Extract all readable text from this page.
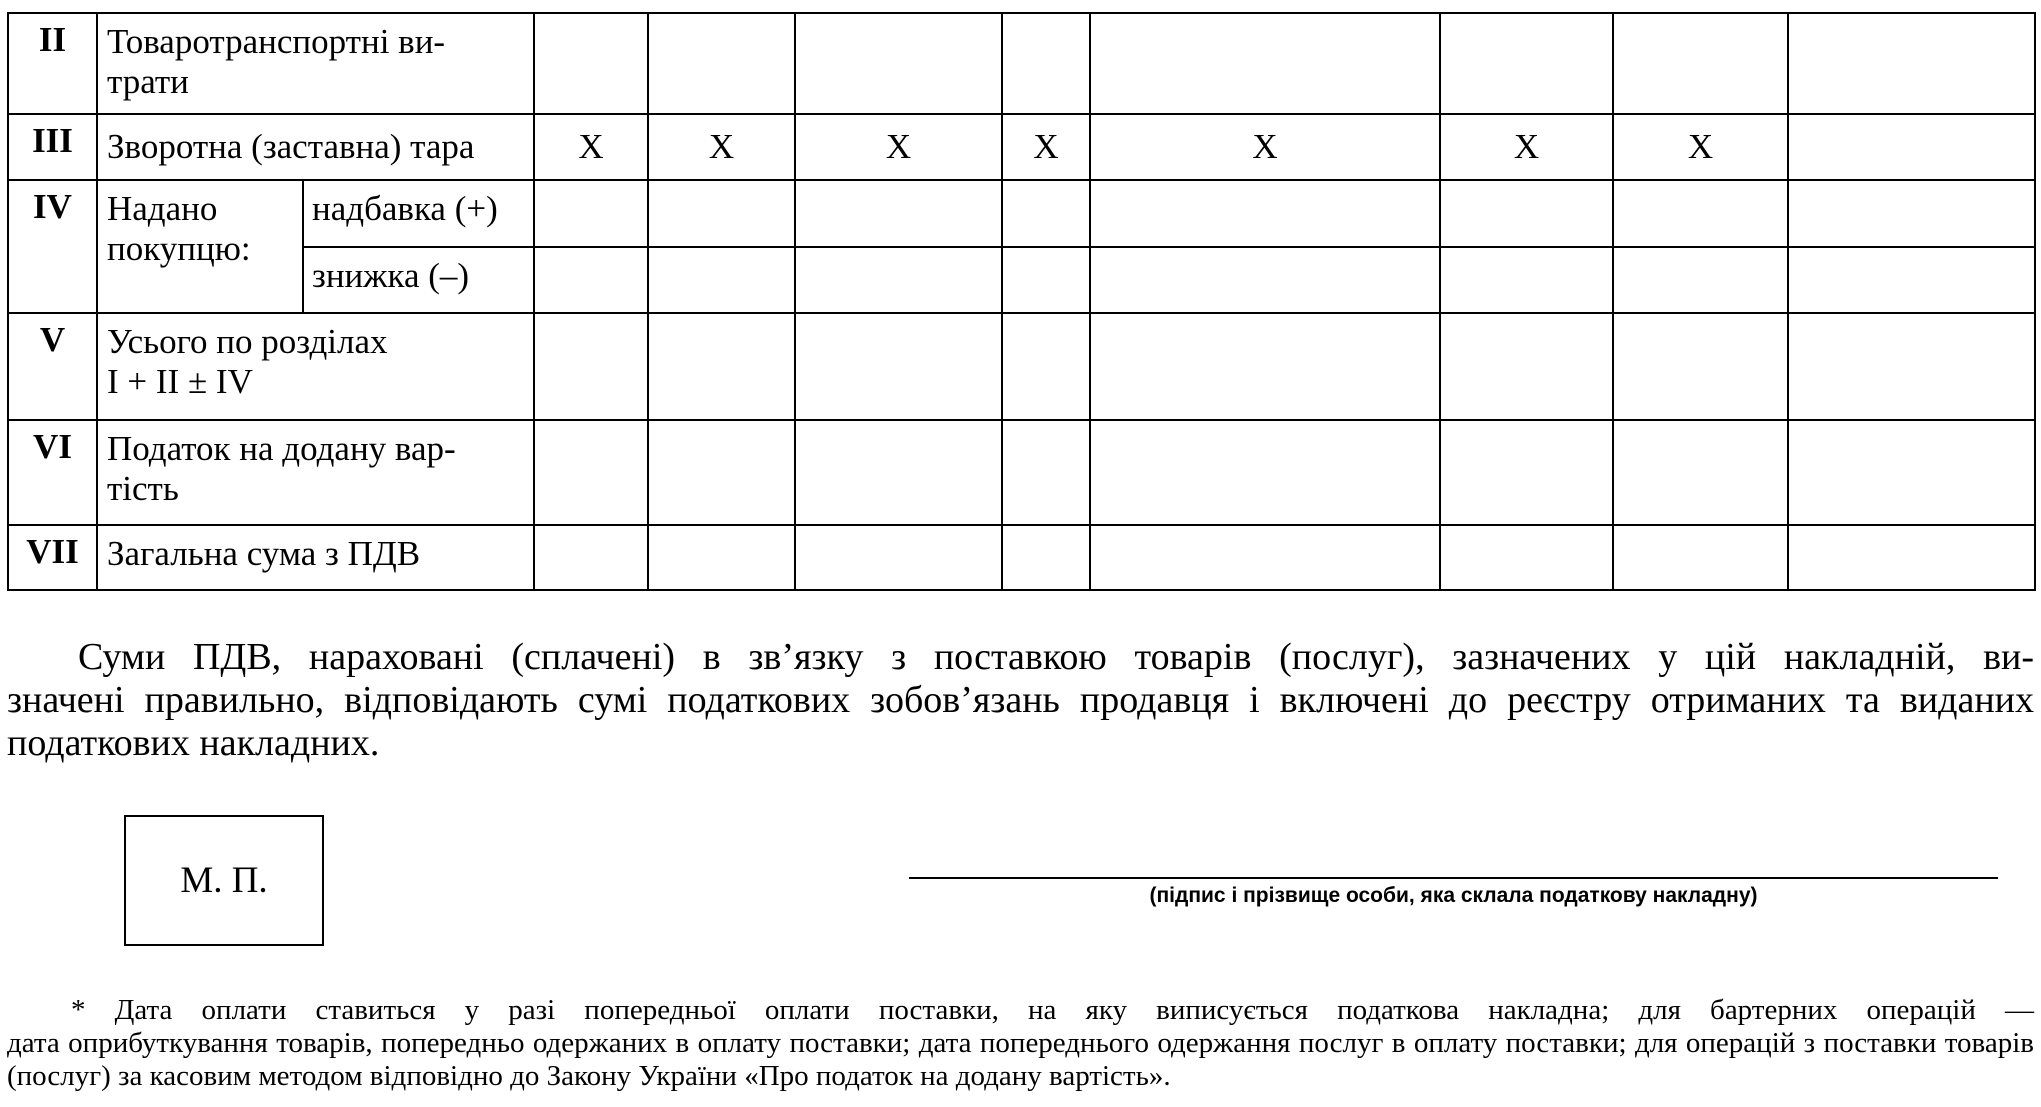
II	Товаротранспортні ви- трати									
III	Зворотна (заставна) тара		X	X	X	X	X	X	X	
IV	Надано покупцю:	надбавка (+)								
		знижка (–)								
V	Усього по розділах
I + II ± IV									
VI	Податок на додану вар- тість									
VII	Загальна сума з ПДВ									
Суми ПДВ, нараховані (сплачені) в зв’язку з поставкою товарів (послуг), зазначених у цій накладній, ви-
значені правильно, відповідають сумі податкових зобов’язань продавця і включені до реєстру отриманих та виданих податкових накладних.
М. П.	(підпис і прізвище особи, яка склала податкову накладну)
* Дата оплати ставиться у разі попередньої оплати поставки, на яку виписується податкова накладна; для бартерних операцій —
дата оприбуткування товарів, попередньо одержаних в оплату поставки; дата попереднього одержання послуг в оплату поставки; для операцій з поставки товарів (послуг) за касовим методом відповідно до Закону України «Про податок на додану вартість».
